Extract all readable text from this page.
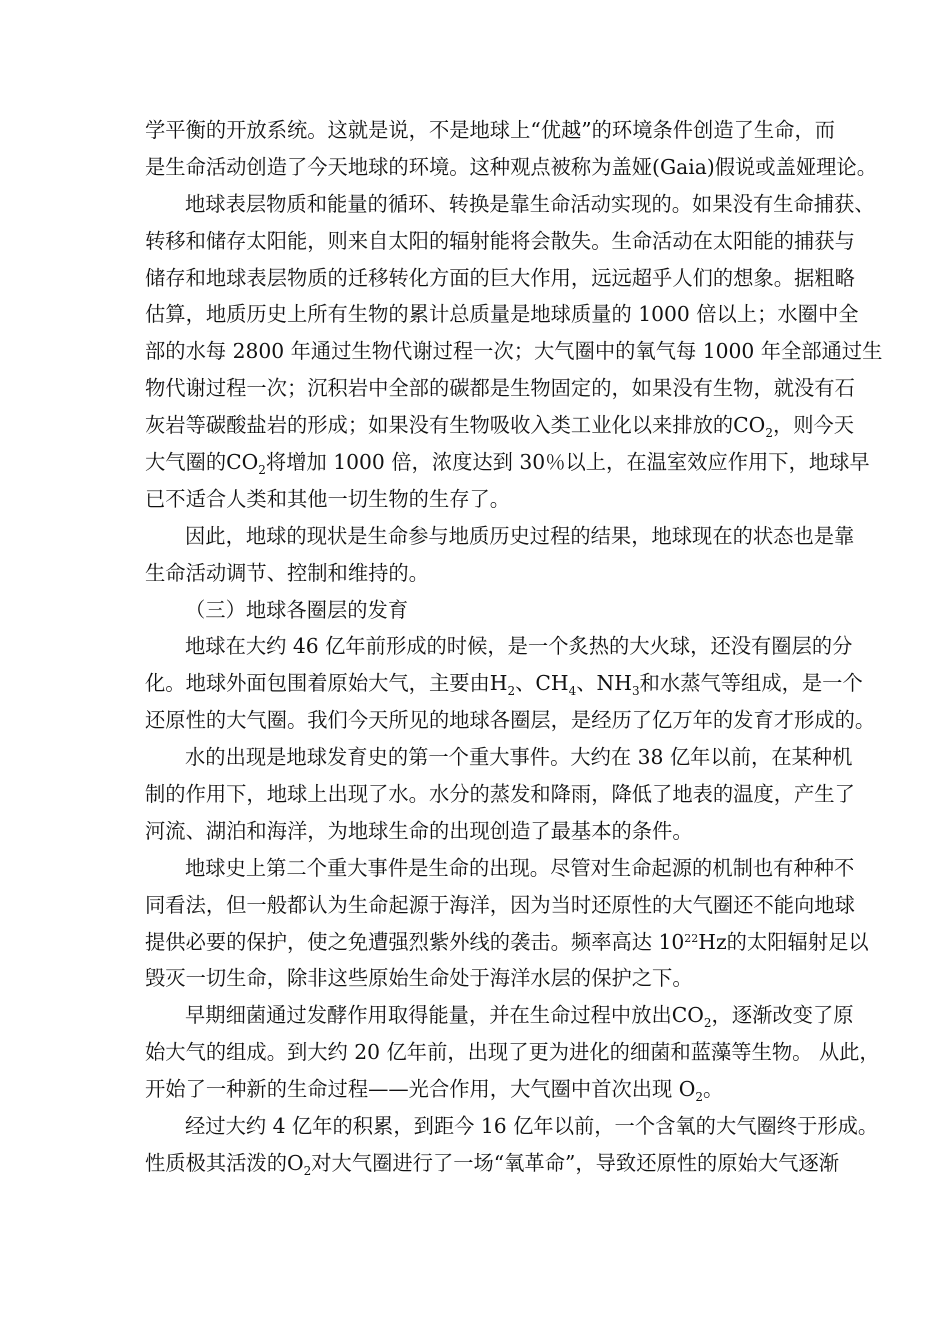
学平衡的开放系统。这就是说，不是地球上“优越”的环境条件创造了生命，而
是生命活动创造了今天地球的环境。这种观点被称为盖娅(Gaia)假说或盖娅理论。
地球表层物质和能量的循环、转换是靠生命活动实现的。如果没有生命捕获、
转移和储存太阳能，则来自太阳的辐射能将会散失。生命活动在太阳能的捕获与
储存和地球表层物质的迁移转化方面的巨大作用，远远超乎人们的想象。据粗略
估算，地质历史上所有生物的累计总质量是地球质量的 1000 倍以上；水圈中全
部的水每 2800 年通过生物代谢过程一次；大气圈中的氧气每 1000 年全部通过生
物代谢过程一次；沉积岩中全部的碳都是生物固定的，如果没有生物，就没有石
灰岩等碳酸盐岩的形成；如果没有生物吸收入类工业化以来排放的$CO_2$，则今天
大气圈的$CO_2$将增加 1000 倍，浓度达到 30％以上，在温室效应作用下，地球早
已不适合人类和其他一切生物的生存了。
因此，地球的现状是生命参与地质历史过程的结果，地球现在的状态也是靠
生命活动调节、控制和维持的。
（三）地球各圈层的发育
地球在大约 46 亿年前形成的时候，是一个炙热的大火球，还没有圈层的分
化。地球外面包围着原始大气，主要由$H_2$、$CH_4$、$NH_3$和水蒸气等组成，是一个
还原性的大气圈。我们今天所见的地球各圈层，是经历了亿万年的发育才形成的。
水的出现是地球发育史的第一个重大事件。大约在 38 亿年以前，在某种机
制的作用下，地球上出现了水。水分的蒸发和降雨，降低了地表的温度，产生了
河流、湖泊和海洋，为地球生命的出现创造了最基本的条件。
地球史上第二个重大事件是生命的出现。尽管对生命起源的机制也有种种不
同看法，但一般都认为生命起源于海洋，因为当时还原性的大气圈还不能向地球
提供必要的保护，使之免遭强烈紫外线的袭击。频率高达 $10^{22}Hz$的太阳辐射足以
毁灭一切生命，除非这些原始生命处于海洋水层的保护之下。
早期细菌通过发酵作用取得能量，并在生命过程中放出$CO_2$，逐渐改变了原
始大气的组成。到大约 20 亿年前，出现了更为进化的细菌和蓝藻等生物。 从此，
开始了一种新的生命过程——光合作用，大气圈中首次出现 $O_2$。
经过大约 4 亿年的积累，到距今 16 亿年以前，一个含氧的大气圈终于形成。
性质极其活泼的$O_2$对大气圈进行了一场“氧革命”，导致还原性的原始大气逐渐
